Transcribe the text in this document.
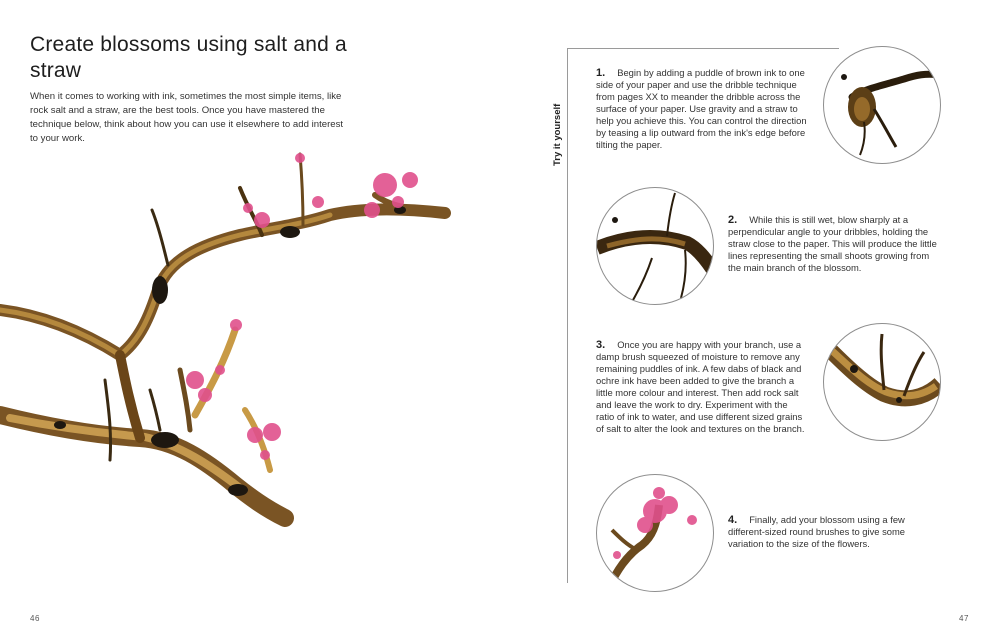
Create blossoms using salt and a straw
When it comes to working with ink, sometimes the most simple items, like rock salt and a straw, are the best tools. Once you have mastered the technique below, think about how you can use it elsewhere to add interest to your work.
46
Try it yourself
1. Begin by adding a puddle of brown ink to one side of your paper and use the dribble technique from pages XX to meander the dribble across the surface of your paper. Use gravity and a straw to help you achieve this. You can control the direction by teasing a lip outward from the ink's edge before tilting the paper.
2. While this is still wet, blow sharply at a perpendicular angle to your dribbles, holding the straw close to the paper. This will produce the little lines representing the small shoots growing from the main branch of the blossom.
3. Once you are happy with your branch, use a damp brush squeezed of moisture to remove any remaining puddles of ink. A few dabs of black and ochre ink have been added to give the branch a little more colour and interest. Then add rock salt and leave the work to dry. Experiment with the ratio of ink to water, and use different sized grains of salt to alter the look and textures on the branch.
4. Finally, add your blossom using a few different-sized round brushes to give some variation to the size of the flowers.
47
